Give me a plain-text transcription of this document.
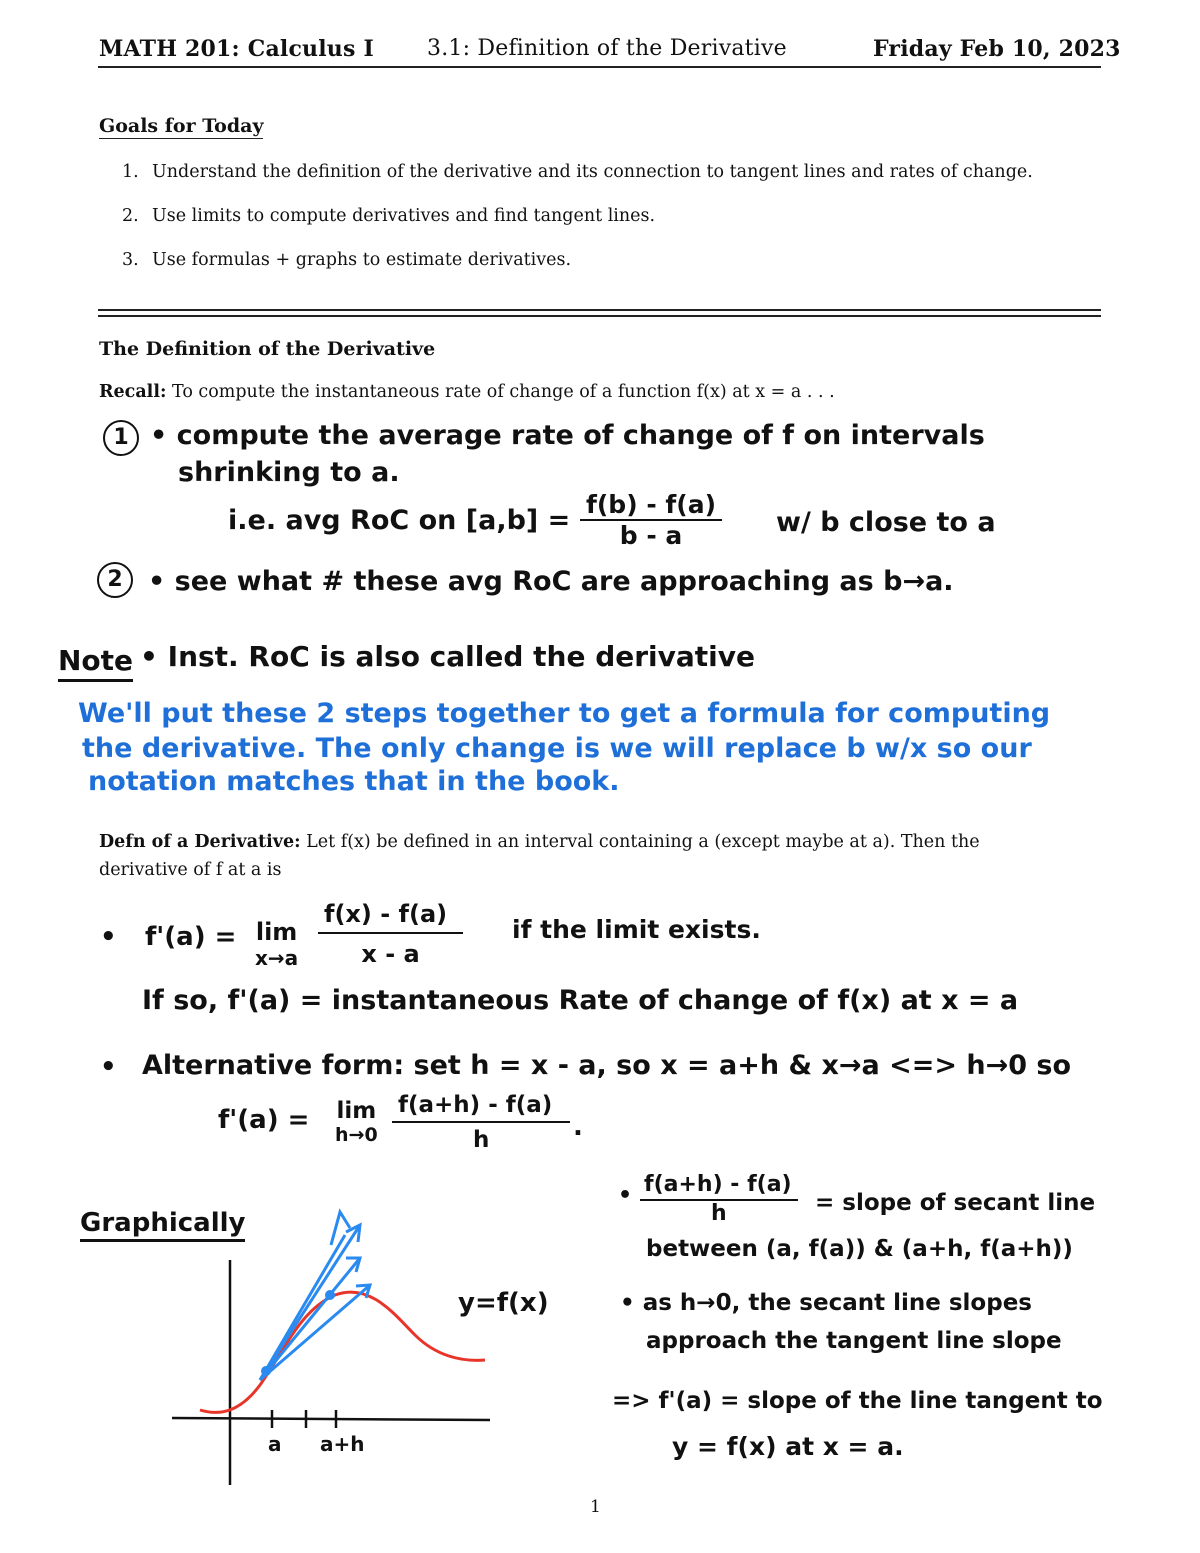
MATH 201: Calculus I 3.1: Definition of the Derivative	Friday Feb 10, 2023
Goals for Today
1. Understand the definition of the derivative and its connection to tangent lines and rates of change.
2. Use limits to compute derivatives and find tangent lines.
3. Use formulas + graphs to estimate derivatives.
The Definition of the Derivative
Recall: To compute the instantaneous rate of change of a function f(x) at x = a . . .
1 • compute the average rate of change of f on intervals
shrinking to a.
i.e. avg RoC on $[a,b] = \frac{f(b) - f(a)}{b - a} w/$ b close to a
2 • see what # these avg RoC are approaching as b→a.
Note • Inst. RoC is also called the derivative
We'll put these 2 steps together to get a formula for computing
the derivative. The only change is we will replace b w/x so our
notation matches that in the book.
Defn of a Derivative: Let f(x) be defined in an interval containing a (except maybe at a). Then the
derivative of f at a is
• f'(a) = lim
$x\to a \frac{f(x) - f(a)}{x - a}$ if the limit exists.
If so, f'(a) = instantaneous Rate of change of f(x) at x = a
• Alternative form: set h = x - a, so x = a+h & x→a <=> h→0 so
f'(a) = lim
$h\to 0 \frac{f(a+h) - f(a)}{h}$ .
Graphically
a a+h
y=f(x)
• $\frac{f(a+h) - f(a)}{h}$ = slope of secant line
between (a, f(a)) & (a+h, f(a+h))
• as h→0, the secant line slopes
approach the tangent line slope
=> f'(a) = slope of the line tangent to
y = f(x) at x = a.
1
